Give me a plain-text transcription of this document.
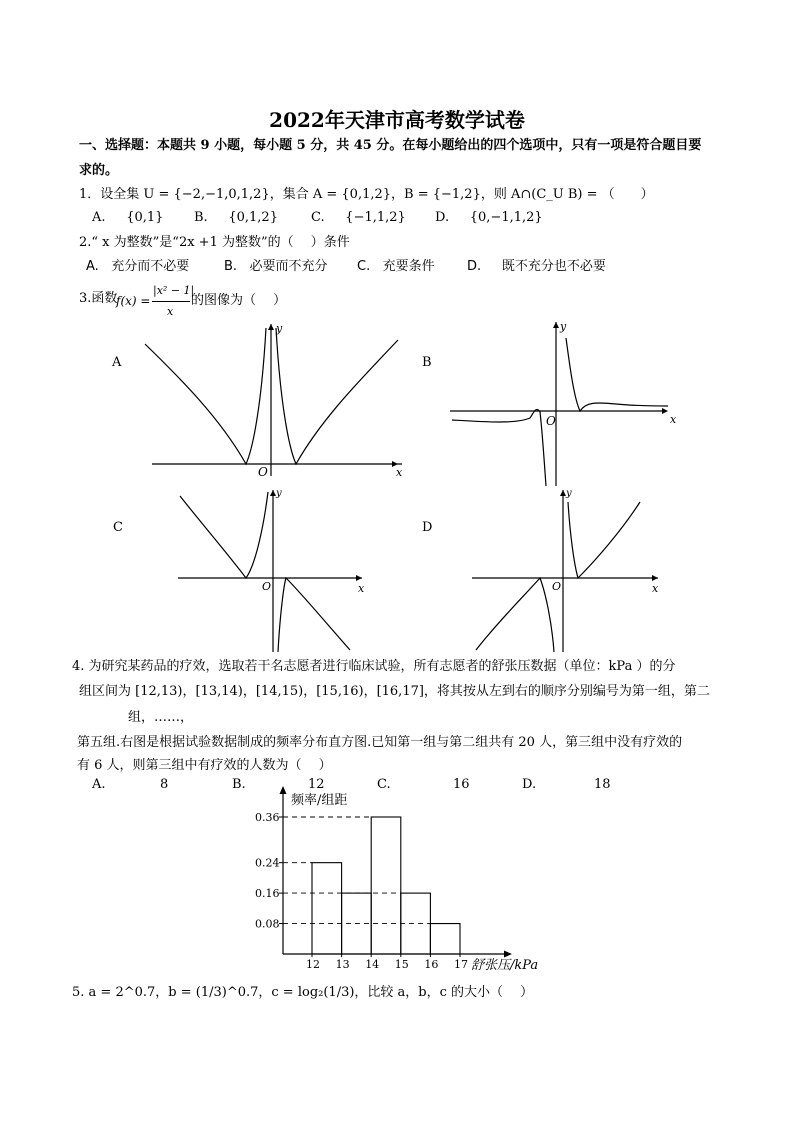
2022年天津市高考数学试卷
一、选择题：本题共 9 小题，每小题 5 分，共 45 分。在每小题给出的四个选项中，只有一项是符合题目要
求的。
1．设全集 U = {−2,−1,0,1,2}，集合 A = {0,1,2}，B = {−1,2}，则 A∩(C_U B) = （　　）
A. {0,1} B. {0,1,2}	C. {−1,1,2} D. {0,−1,1,2}
2.“ x 为整数”是“2x +1 为整数”的（　 ）条件
A. 充分而不必要	B. 必要而不充分 C. 充要条件 D. 既不充分也不必要
3.函数
f(x) =
|x² − 1|
x
的图像为（　 ）
A
y
x
O
B
y
x
O
C
y
x
O
D
y
x
O
4. 为研究某药品的疗效，选取若干名志愿者进行临床试验，所有志愿者的舒张压数据（单位：kPa ）的分
组区间为 [12,13)，[13,14)，[14,15)，[15,16)，[16,17]，将其按从左到右的顺序分别编号为第一组，第二
组，……，
第五组.右图是根据试验数据制成的频率分布直方图.已知第一组与第二组共有 20 人，第三组中没有疗效的
有 6 人，则第三组中有疗效的人数为（　 ）
A.	8	B.	12	C.	16	D.	18
0.08
0.16
0.24
0.36
12 13 14 15 16 17
频率/组距
舒张压/kPa
5. a = 2^0.7，b = (1/3)^0.7，c = log₂(1/3)，比较 a，b，c 的大小（　 ）
